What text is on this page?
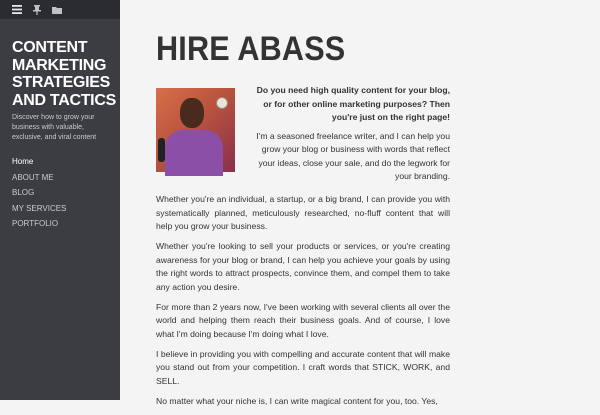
CONTENT MARKETING STRATEGIES AND TACTICS
Discover how to grow your business with valuable, exclusive, and viral content
Home
ABOUT ME
BLOG
MY SERVICES
PORTFOLIO
HIRE ABASS

Do you need high quality content for your blog, or for other online marketing purposes? Then you're just on the right page!

I'm a seasoned freelance writer, and I can help you grow your blog or business with words that reflect your ideas, close your sale, and do the legwork for your branding.

Whether you're an individual, a startup, or a big brand, I can provide you with systematically planned, meticulously researched, no-fluff content that will help you grow your business.

Whether you're looking to sell your products or services, or you're creating awareness for your blog or brand, I can help you achieve your goals by using the right words to attract prospects, convince them, and compel them to take any action you desire.

For more than 2 years now, I've been working with several clients all over the world and helping them reach their business goals. And of course, I love what I'm doing because I'm doing what I love.

I believe in providing you with compelling and accurate content that will make you stand out from your competition. I craft words that STICK, WORK, and SELL.

No matter what your niche is, I can write magical content for you, too. Yes,
